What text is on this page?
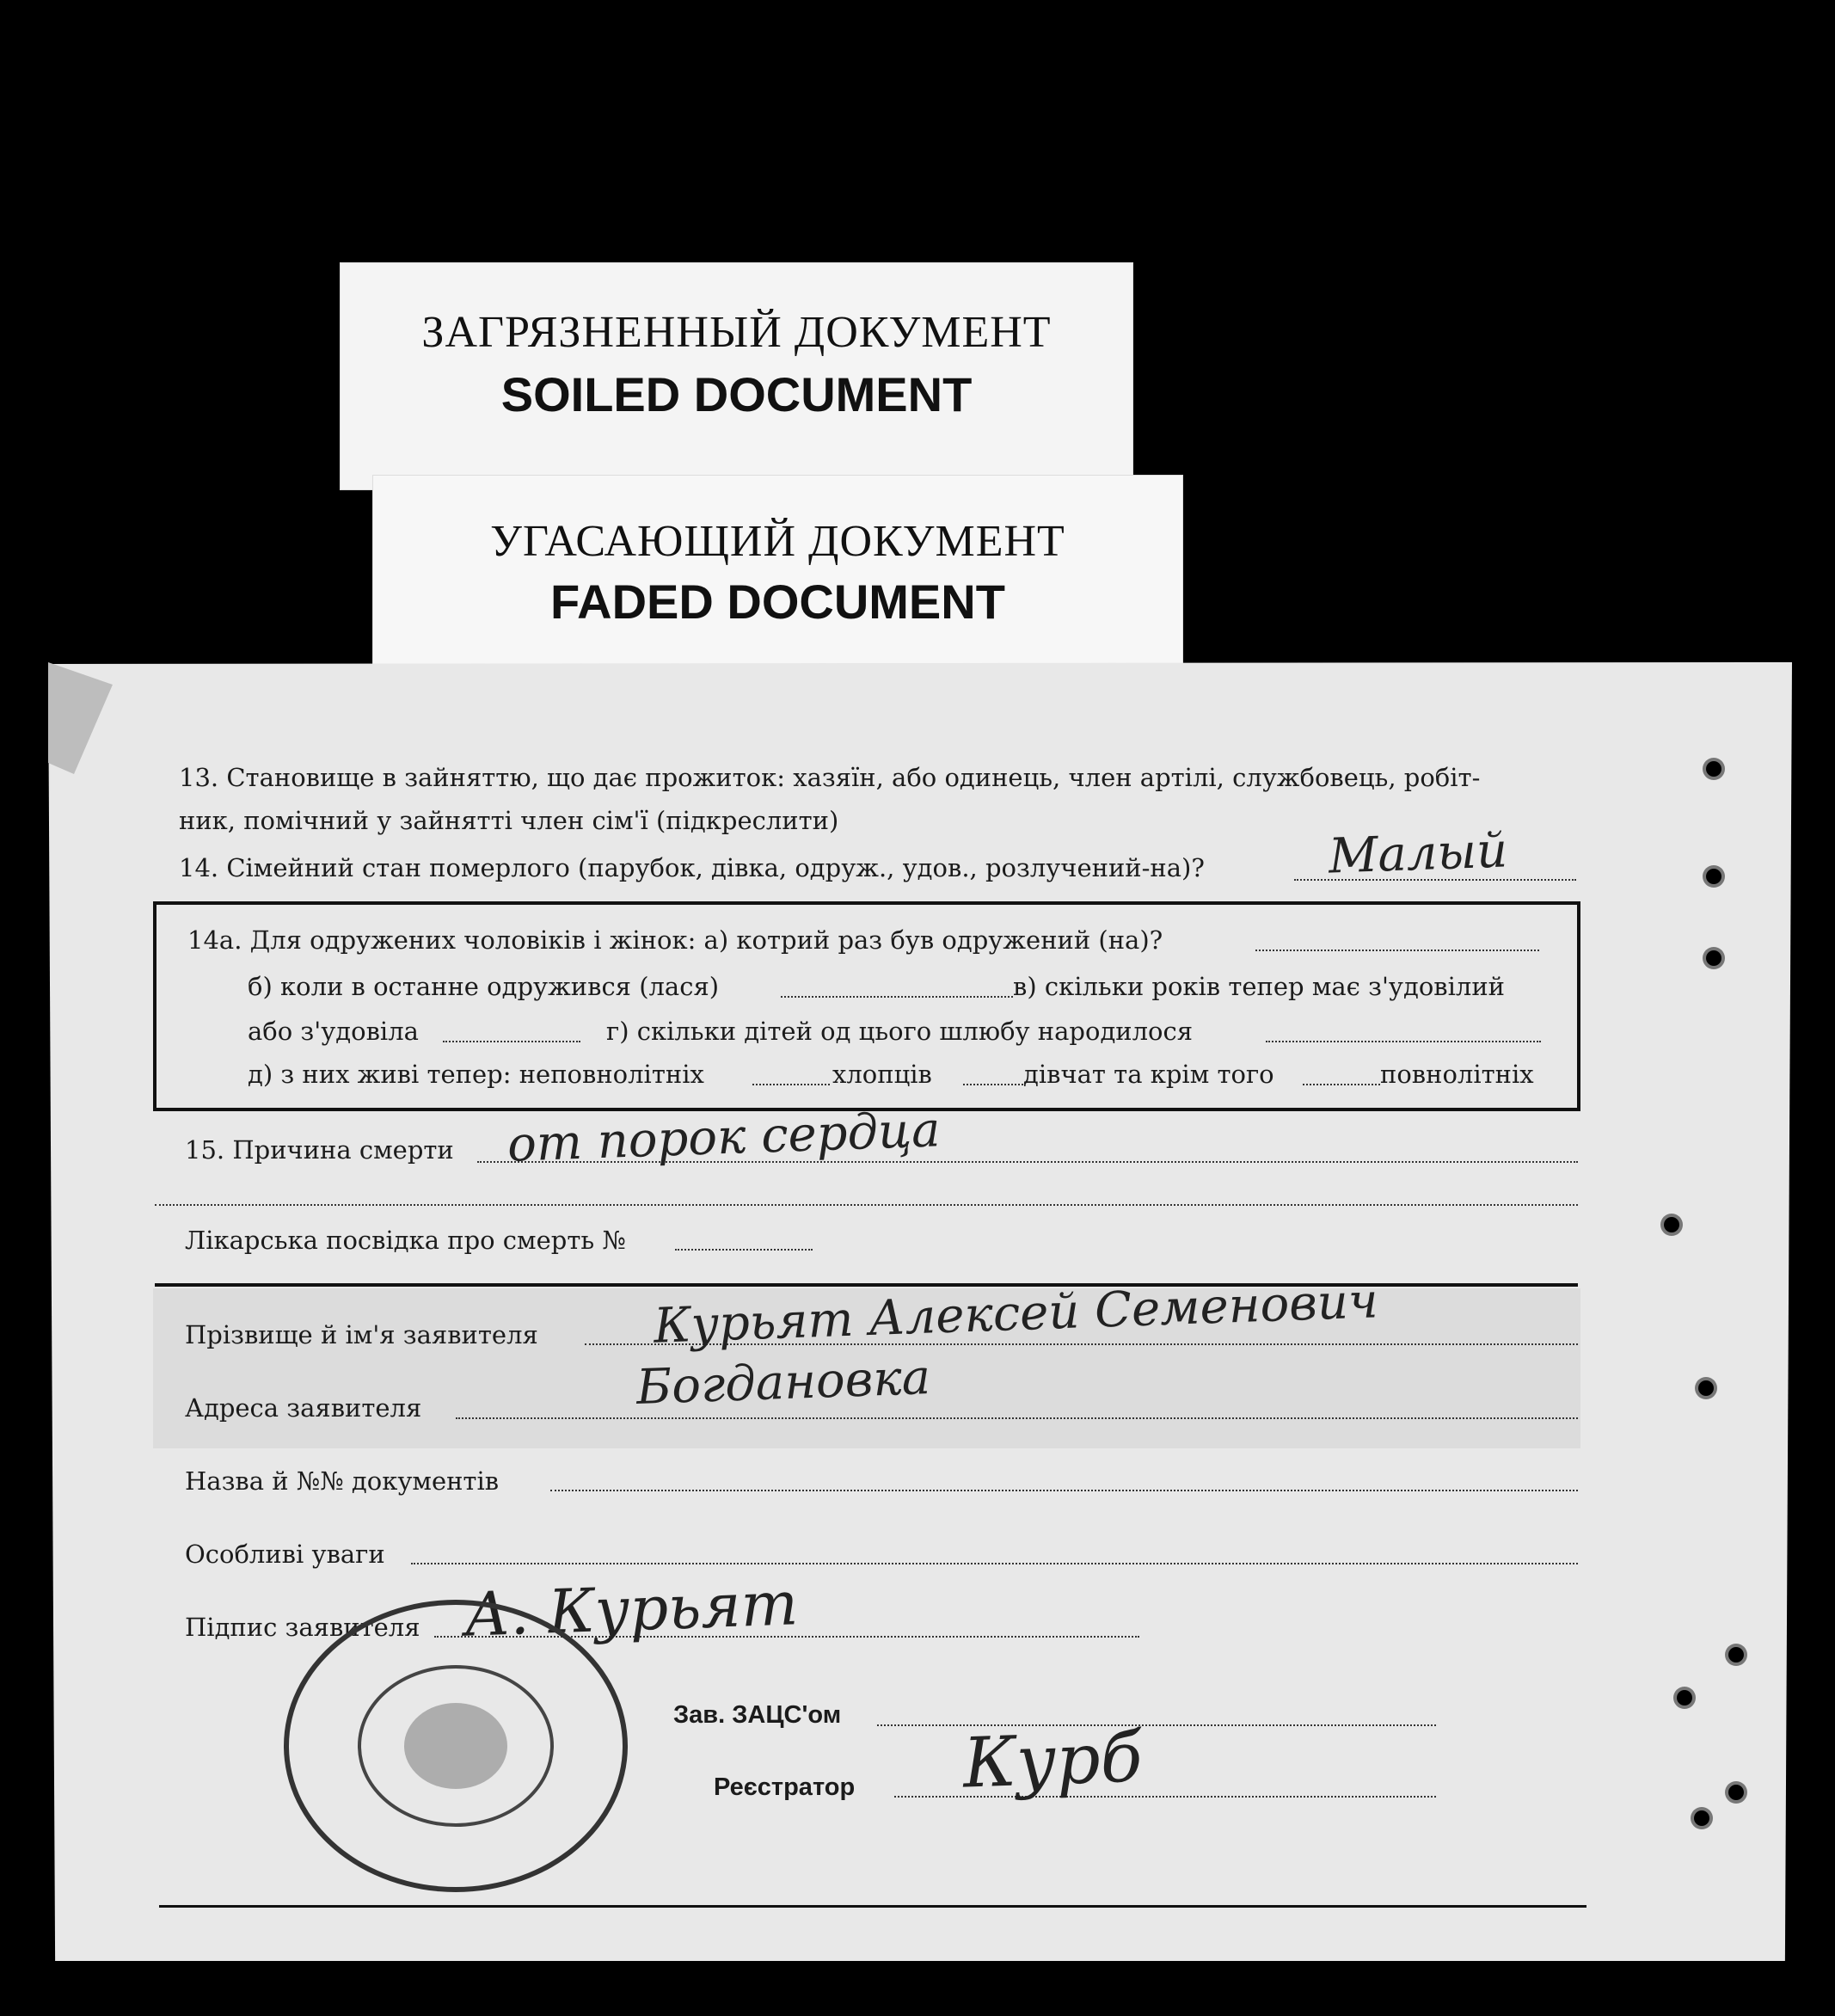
ЗАГРЯЗНЕННЫЙ ДОКУМЕНТ
SOILED DOCUMENT
УГАСАЮЩИЙ ДОКУМЕНТ
FADED DOCUMENT
13. Становище в зайняттю, що дає прожиток: хазяїн, або одинець, член артілі, службовець, робіт-
ник, помічний у зайнятті член сім'ї (підкреслити)
14. Сімейний стан померлого (парубок, дівка, одруж., удов., розлучений-на)?	Малый
14а. Для одружених чоловіків і жінок: а) котрий раз був одружений (на)?
б) коли в останне одружився (лася)	в) скільки років тепер має з'удовілий
або з'удовіла	г) скільки дітей од цього шлюбу народилося
д) з них живі тепер: неповнолітніх	хлопців	дівчат та крім того	повнолітніх
15. Причина смерти от порок сердца
Лікарська посвідка про смерть №
Прізвище й ім'я заявителя Курьят Алексей Семенович
Адреса заявителя	Богдановка
Назва й №№ документів
Особливі уваги
Підпис заявителя А. Курьят
Зав. ЗАЦС'ом
Реєстратор Курб
